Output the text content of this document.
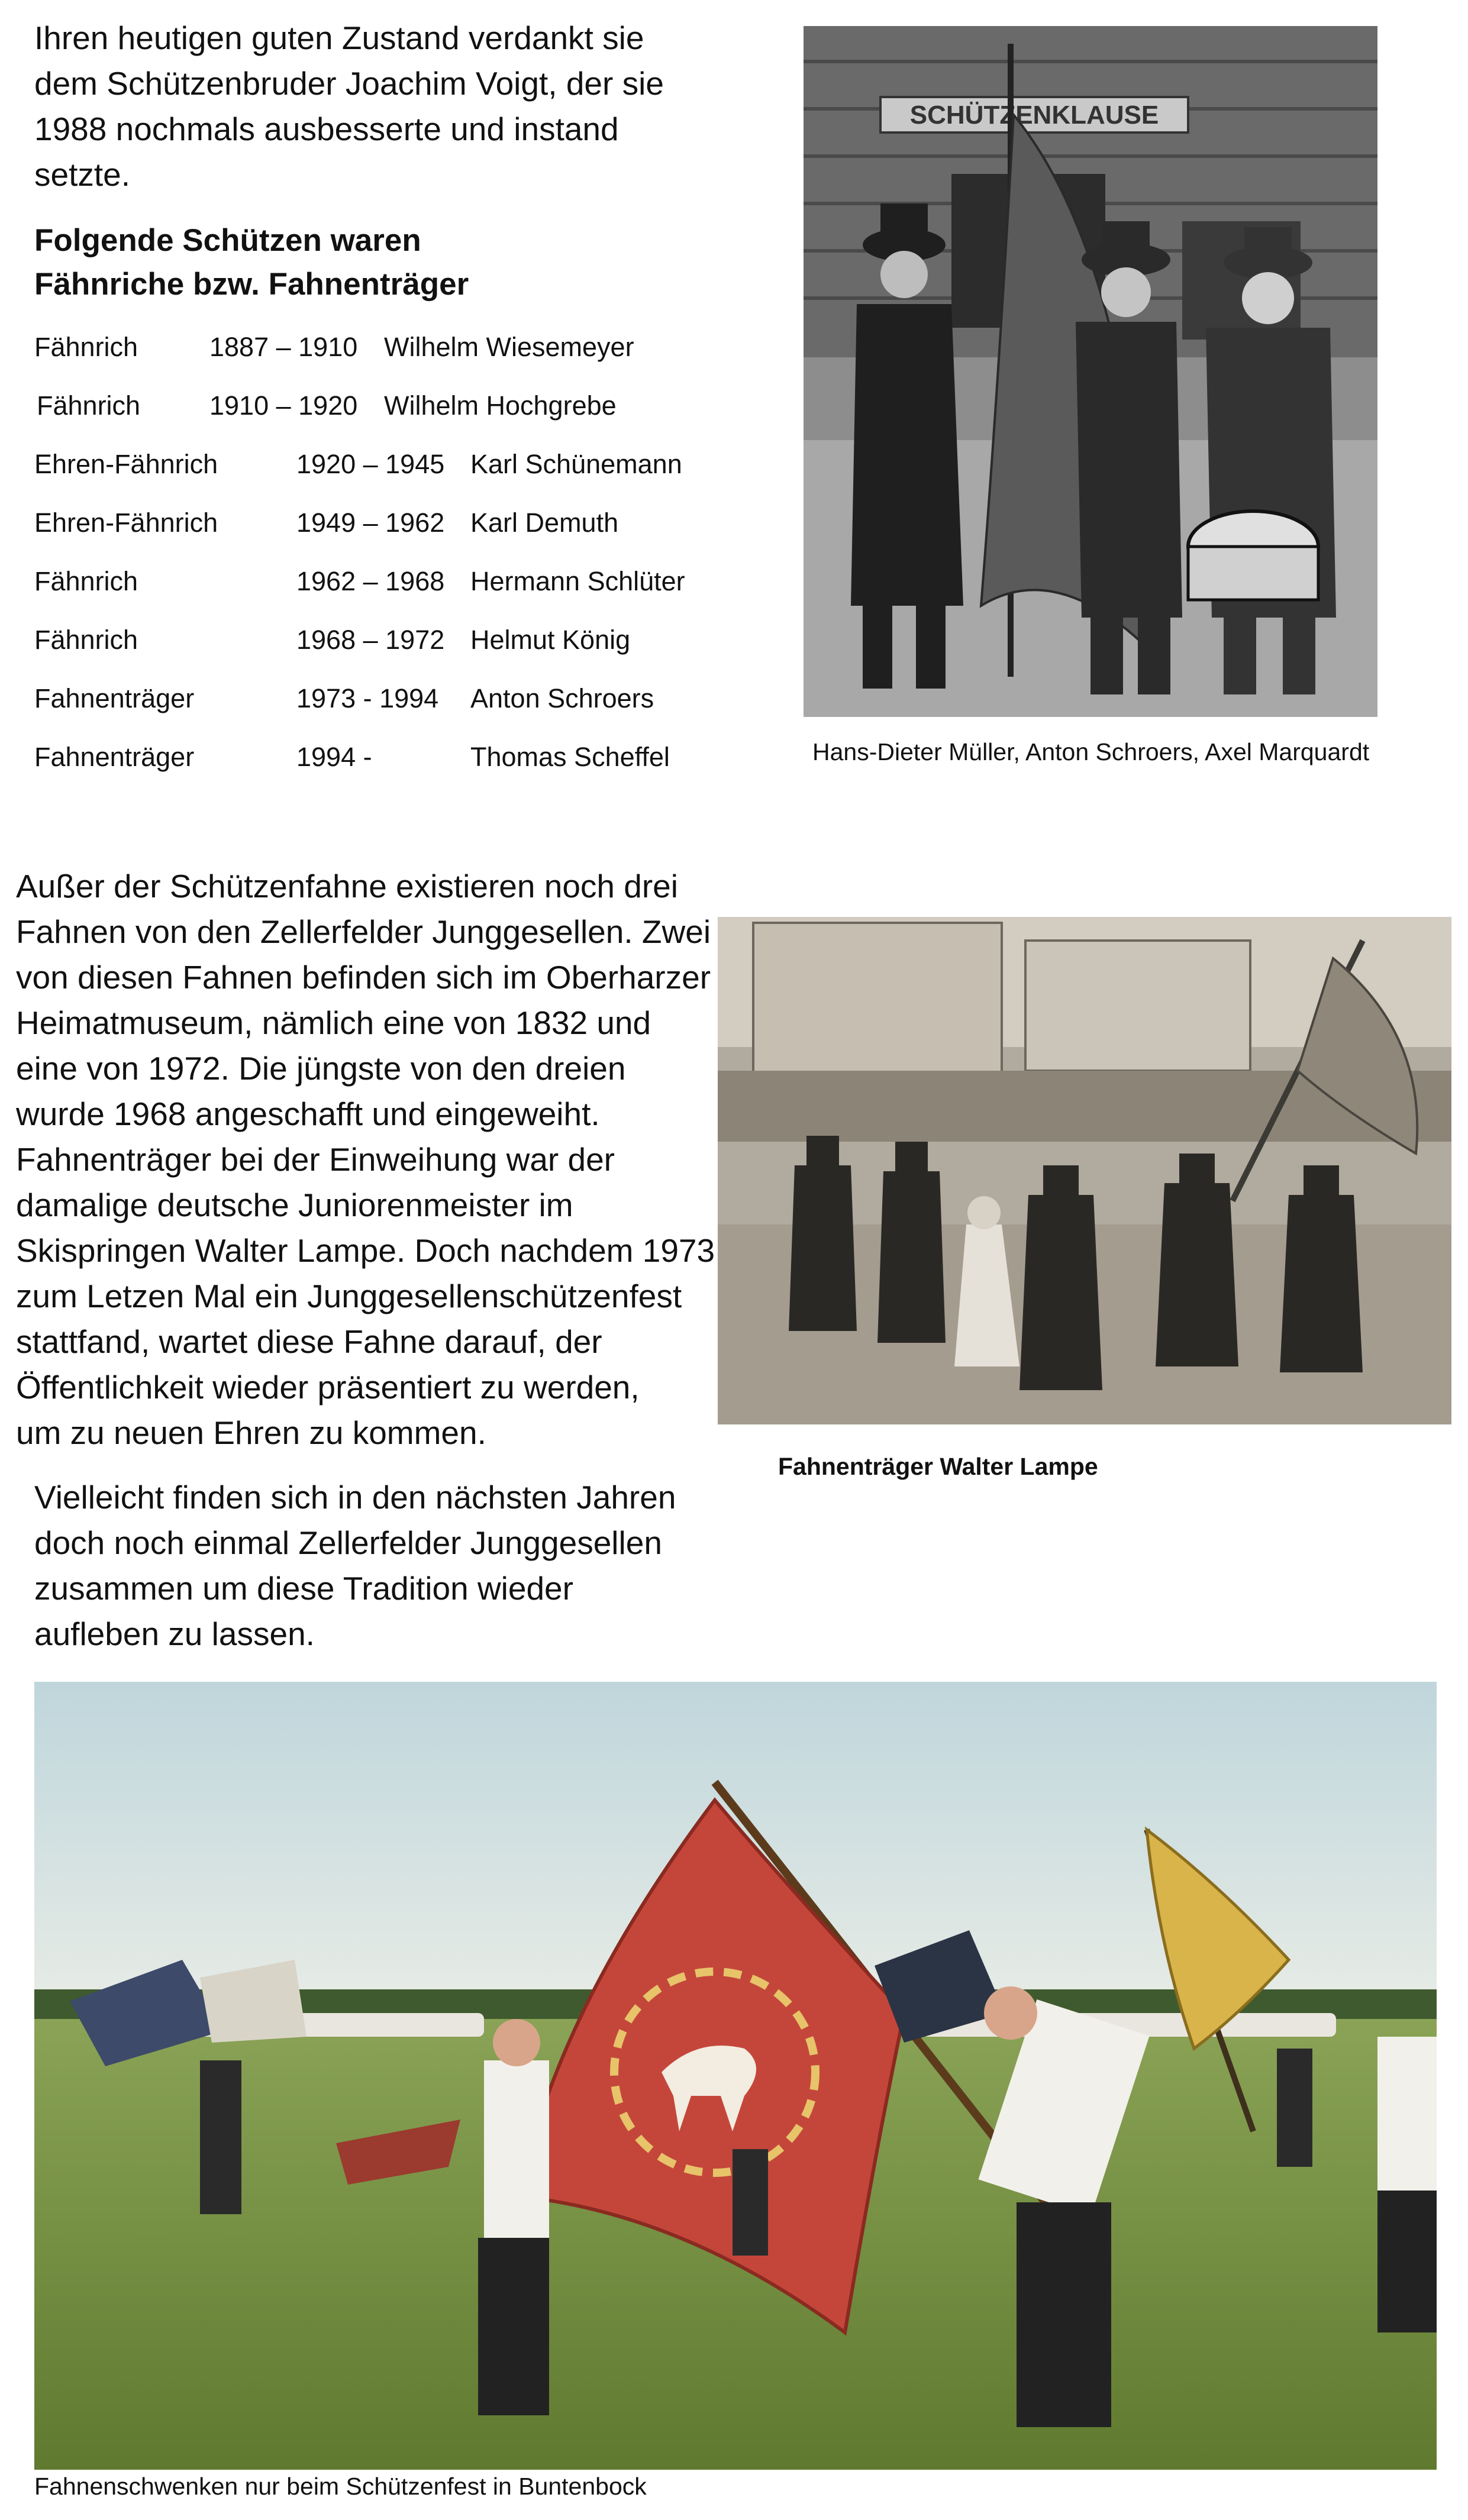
Ihren heutigen guten Zustand verdankt sie
dem Schützenbruder Joachim Voigt, der sie
1988 nochmals ausbesserte und instand
setzte.
Folgende Schützen waren
Fähnriche bzw. Fahnenträger
Fähnrich	1887 – 1910 Wilhelm Wiesemeyer
Fähnrich	1910 – 1920 Wilhelm Hochgrebe
Ehren-Fähnrich	1920 – 1945 Karl Schünemann
Ehren-Fähnrich	1949 – 1962 Karl Demuth
Fähnrich	1962 – 1968 Hermann Schlüter
Fähnrich	1968 – 1972 Helmut König
Fahnenträger	1973 - 1994 Anton Schroers
Fahnenträger	1994 -	Thomas Scheffel
SCHÜTZENKLAUSE
Hans-Dieter Müller, Anton Schroers, Axel Marquardt
Außer der Schützenfahne existieren noch drei
Fahnen von den Zellerfelder Junggesellen. Zwei
von diesen Fahnen befinden sich im Oberharzer
Heimatmuseum, nämlich eine von 1832 und
eine von 1972. Die jüngste von den dreien
wurde 1968 angeschafft und eingeweiht.
Fahnenträger bei der Einweihung war der
damalige deutsche Juniorenmeister im
Skispringen Walter Lampe. Doch nachdem 1973
zum Letzen Mal ein Junggesellenschützenfest
stattfand, wartet diese Fahne darauf, der
Öffentlichkeit wieder präsentiert zu werden,
um zu neuen Ehren zu kommen.
Fahnenträger Walter Lampe
Vielleicht finden sich in den nächsten Jahren
doch noch einmal Zellerfelder Junggesellen
zusammen um diese Tradition wieder
aufleben zu lassen.
Fahnenschwenken nur beim Schützenfest in Buntenbock
